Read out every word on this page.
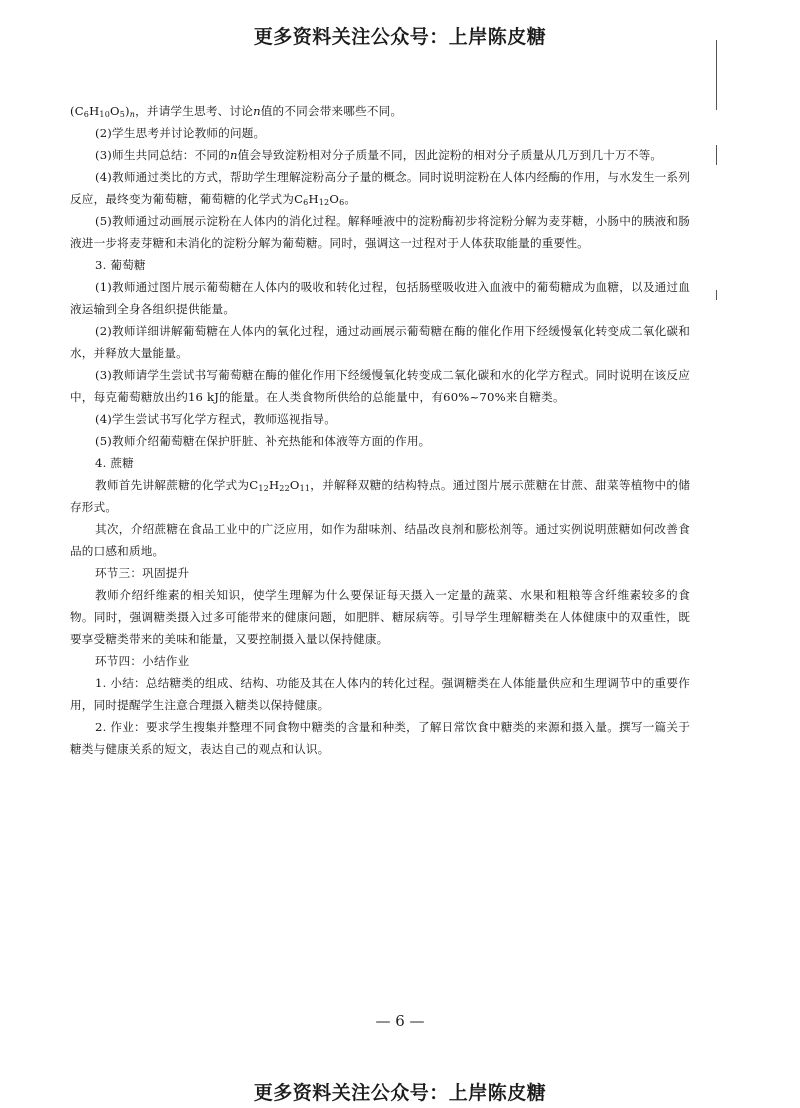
更多资料关注公众号：上岸陈皮糖

$(C_6H_{10}O_5)_n$，并请学生思考、讨论n值的不同会带来哪些不同。

(2)学生思考并讨论教师的问题。

(3)师生共同总结：不同的n值会导致淀粉相对分子质量不同，因此淀粉的相对分子质量从几万到几十万不等。

(4)教师通过类比的方式，帮助学生理解淀粉高分子量的概念。同时说明淀粉在人体内经酶的作用，与水发生一系列反应，最终变为葡萄糖，葡萄糖的化学式为$C_6H_{12}O_6$。

(5)教师通过动画展示淀粉在人体内的消化过程。解释唾液中的淀粉酶初步将淀粉分解为麦芽糖，小肠中的胰液和肠液进一步将麦芽糖和未消化的淀粉分解为葡萄糖。同时，强调这一过程对于人体获取能量的重要性。

3. 葡萄糖

(1)教师通过图片展示葡萄糖在人体内的吸收和转化过程，包括肠壁吸收进入血液中的葡萄糖成为血糖，以及通过血液运输到全身各组织提供能量。

(2)教师详细讲解葡萄糖在人体内的氧化过程，通过动画展示葡萄糖在酶的催化作用下经缓慢氧化转变成二氧化碳和水，并释放大量能量。

(3)教师请学生尝试书写葡萄糖在酶的催化作用下经缓慢氧化转变成二氧化碳和水的化学方程式。同时说明在该反应中，每克葡萄糖放出约16 kJ的能量。在人类食物所供给的总能量中，有60%~70%来自糖类。

(4)学生尝试书写化学方程式，教师巡视指导。

(5)教师介绍葡萄糖在保护肝脏、补充热能和体液等方面的作用。

4. 蔗糖

教师首先讲解蔗糖的化学式为$C_{12}H_{22}O_{11}$，并解释双糖的结构特点。通过图片展示蔗糖在甘蔗、甜菜等植物中的储存形式。

其次，介绍蔗糖在食品工业中的广泛应用，如作为甜味剂、结晶改良剂和膨松剂等。通过实例说明蔗糖如何改善食品的口感和质地。

环节三：巩固提升

教师介绍纤维素的相关知识，使学生理解为什么要保证每天摄入一定量的蔬菜、水果和粗粮等含纤维素较多的食物。同时，强调糖类摄入过多可能带来的健康问题，如肥胖、糖尿病等。引导学生理解糖类在人体健康中的双重性，既要享受糖类带来的美味和能量，又要控制摄入量以保持健康。

环节四：小结作业

1. 小结：总结糖类的组成、结构、功能及其在人体内的转化过程。强调糖类在人体能量供应和生理调节中的重要作用，同时提醒学生注意合理摄入糖类以保持健康。

2. 作业：要求学生搜集并整理不同食物中糖类的含量和种类，了解日常饮食中糖类的来源和摄入量。撰写一篇关于糖类与健康关系的短文，表达自己的观点和认识。

— 6 —
更多资料关注公众号：上岸陈皮糖
